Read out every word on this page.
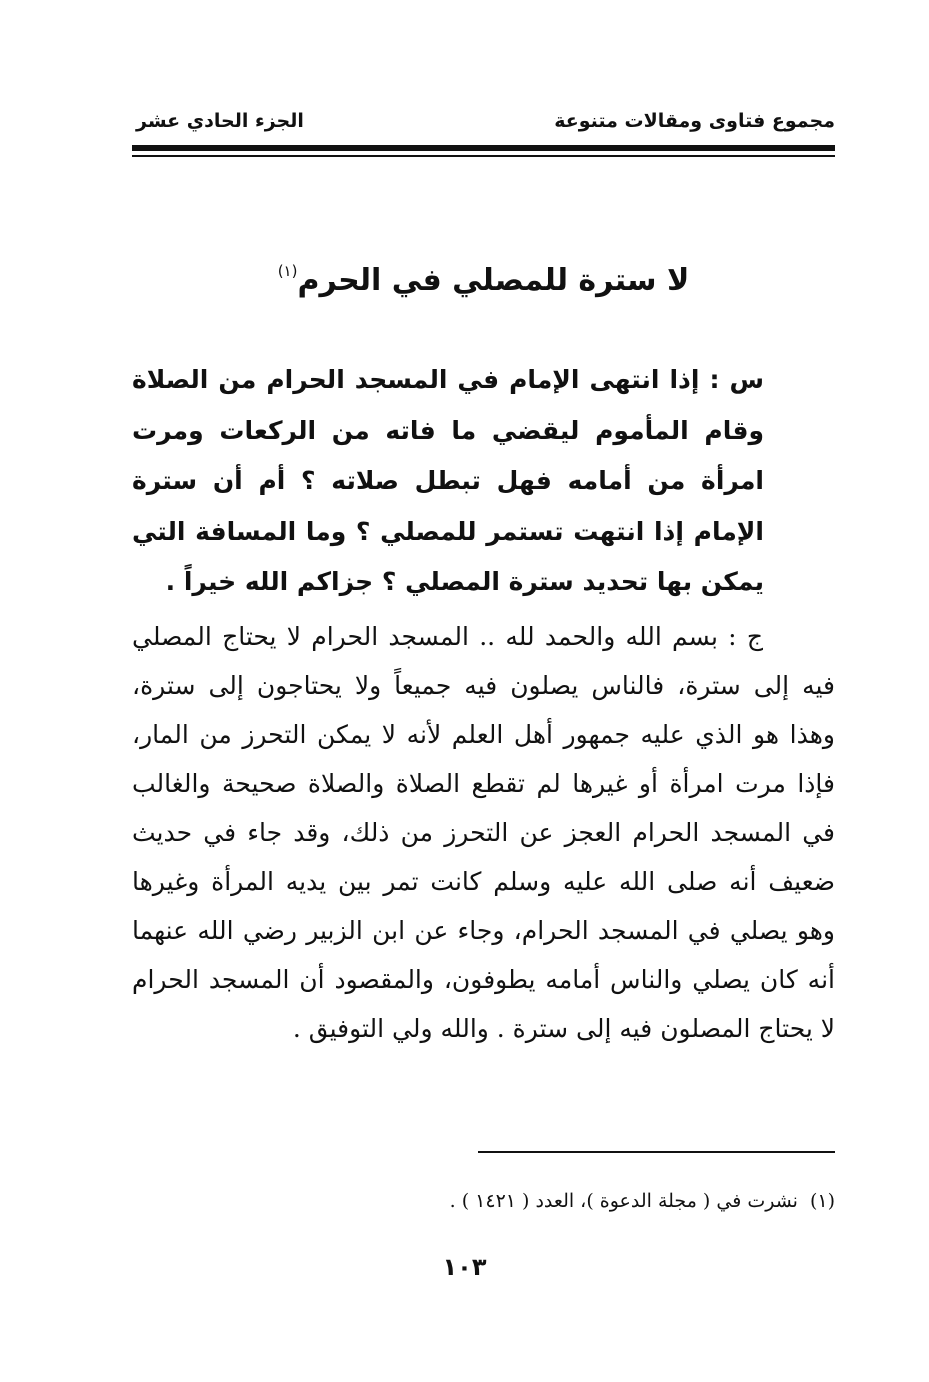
مجموع فتاوى ومقالات متنوعة
الجزء الحادي عشر
لا سترة للمصلي في الحرم$^{(١)}$
س : إذا انتهى الإمام في المسجد الحرام من الصلاة وقام المأموم ليقضي ما فاته من الركعات ومرت امرأة من أمامه فهل تبطل صلاته ؟ أم أن سترة الإمام إذا انتهت تستمر للمصلي ؟ وما المسافة التي يمكن بها تحديد سترة المصلي ؟ جزاكم الله خيراً .
ج : بسم الله والحمد لله .. المسجد الحرام لا يحتاج المصلي فيه إلى سترة، فالناس يصلون فيه جميعاً ولا يحتاجون إلى سترة، وهذا هو الذي عليه جمهور أهل العلم لأنه لا يمكن التحرز من المار، فإذا مرت امرأة أو غيرها لم تقطع الصلاة والصلاة صحيحة والغالب في المسجد الحرام العجز عن التحرز من ذلك، وقد جاء في حديث ضعيف أنه صلى الله عليه وسلم كانت تمر بين يديه المرأة وغيرها وهو يصلي في المسجد الحرام، وجاء عن ابن الزبير رضي الله عنهما أنه كان يصلي والناس أمامه يطوفون، والمقصود أن المسجد الحرام لا يحتاج المصلون فيه إلى سترة . والله ولي التوفيق .
(١)نشرت في ( مجلة الدعوة )، العدد ( ١٤٢١ ) .
١٠٣
